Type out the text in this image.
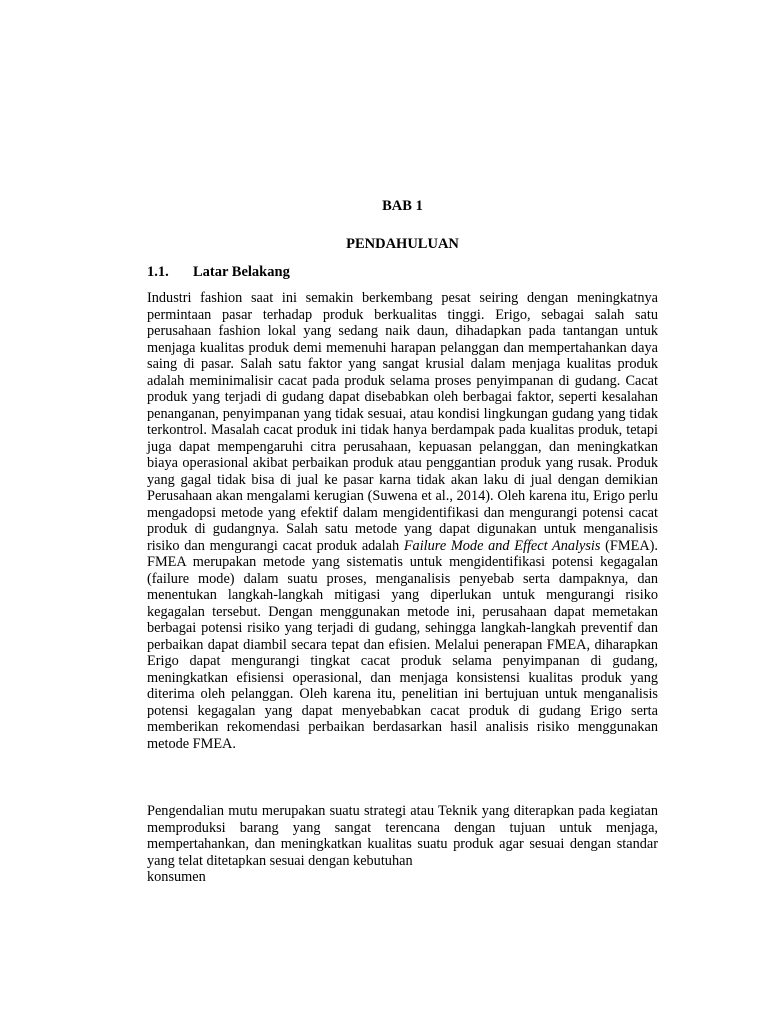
BAB 1
PENDAHULUAN
1.1. Latar Belakang

Industri fashion saat ini semakin berkembang pesat seiring dengan meningkatnya permintaan pasar terhadap produk berkualitas tinggi. Erigo, sebagai salah satu perusahaan fashion lokal yang sedang naik daun, dihadapkan pada tantangan untuk menjaga kualitas produk demi memenuhi harapan pelanggan dan mempertahankan daya saing di pasar. Salah satu faktor yang sangat krusial dalam menjaga kualitas produk adalah meminimalisir cacat pada produk selama proses penyimpanan di gudang. Cacat produk yang terjadi di gudang dapat disebabkan oleh berbagai faktor, seperti kesalahan penanganan, penyimpanan yang tidak sesuai, atau kondisi lingkungan gudang yang tidak terkontrol. Masalah cacat produk ini tidak hanya berdampak pada kualitas produk, tetapi juga dapat mempengaruhi citra perusahaan, kepuasan pelanggan, dan meningkatkan biaya operasional akibat perbaikan produk atau penggantian produk yang rusak. Produk yang gagal tidak bisa di jual ke pasar karna tidak akan laku di jual dengan demikian Perusahaan akan mengalami kerugian (Suwena et al., 2014). Oleh karena itu, Erigo perlu mengadopsi metode yang efektif dalam mengidentifikasi dan mengurangi potensi cacat produk di gudangnya. Salah satu metode yang dapat digunakan untuk menganalisis risiko dan mengurangi cacat produk adalah Failure Mode and Effect Analysis (FMEA). FMEA merupakan metode yang sistematis untuk mengidentifikasi potensi kegagalan (failure mode) dalam suatu proses, menganalisis penyebab serta dampaknya, dan menentukan langkah-langkah mitigasi yang diperlukan untuk mengurangi risiko kegagalan tersebut. Dengan menggunakan metode ini, perusahaan dapat memetakan berbagai potensi risiko yang terjadi di gudang, sehingga langkah-langkah preventif dan perbaikan dapat diambil secara tepat dan efisien. Melalui penerapan FMEA, diharapkan Erigo dapat mengurangi tingkat cacat produk selama penyimpanan di gudang, meningkatkan efisiensi operasional, dan menjaga konsistensi kualitas produk yang diterima oleh pelanggan. Oleh karena itu, penelitian ini bertujuan untuk menganalisis potensi kegagalan yang dapat menyebabkan cacat produk di gudang Erigo serta memberikan rekomendasi perbaikan berdasarkan hasil analisis risiko menggunakan metode FMEA.

Pengendalian mutu merupakan suatu strategi atau Teknik yang diterapkan pada kegiatan memproduksi barang yang sangat terencana dengan tujuan untuk menjaga, mempertahankan, dan meningkatkan kualitas suatu produk agar sesuai dengan standar yang telat ditetapkan sesuai dengan kebutuhan
konsumen
